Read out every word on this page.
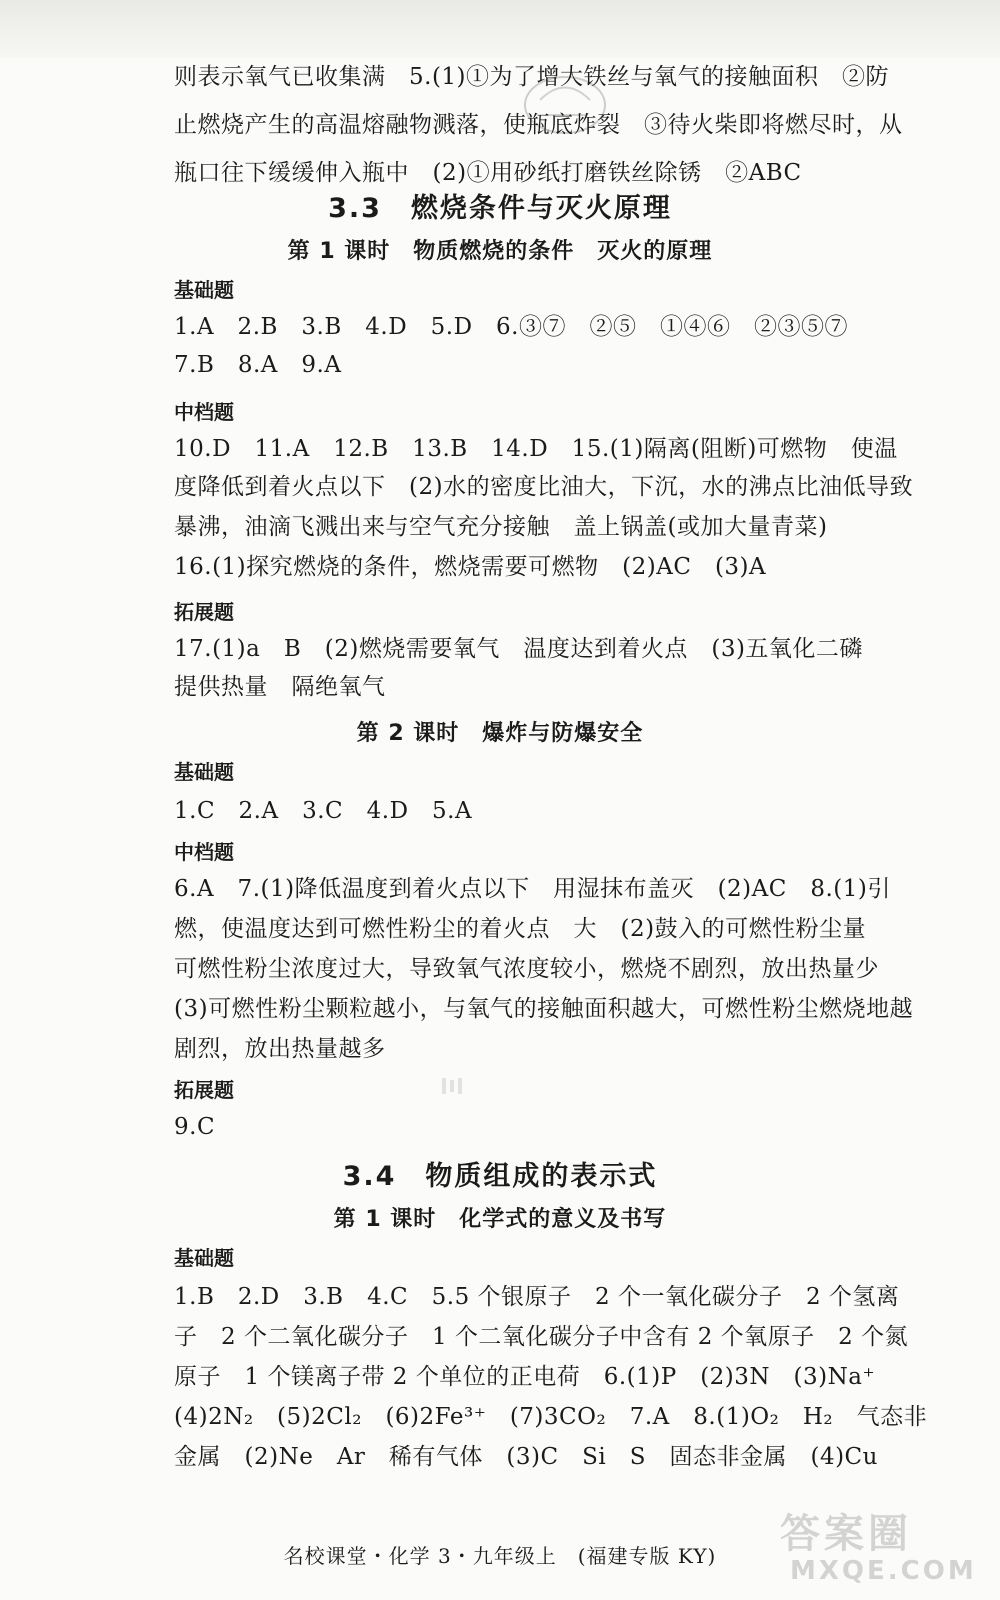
则表示氧气已收集满　5.(1)①为了增大铁丝与氧气的接触面积　②防
止燃烧产生的高温熔融物溅落，使瓶底炸裂　③待火柴即将燃尽时，从
瓶口往下缓缓伸入瓶中　(2)①用砂纸打磨铁丝除锈　②ABC
3.3　燃烧条件与灭火原理
第 1 课时　物质燃烧的条件　灭火的原理
基础题
1.A　2.B　3.B　4.D　5.D　6.③⑦　②⑤　①④⑥　②③⑤⑦
7.B　8.A　9.A
中档题
10.D　11.A　12.B　13.B　14.D　15.(1)隔离(阻断)可燃物　使温
度降低到着火点以下　(2)水的密度比油大，下沉，水的沸点比油低导致
暴沸，油滴飞溅出来与空气充分接触　盖上锅盖(或加大量青菜)
16.(1)探究燃烧的条件，燃烧需要可燃物　(2)AC　(3)A
拓展题
17.(1)a　B　(2)燃烧需要氧气　温度达到着火点　(3)五氧化二磷
提供热量　隔绝氧气
第 2 课时　爆炸与防爆安全
基础题
1.C　2.A　3.C　4.D　5.A
中档题
6.A　7.(1)降低温度到着火点以下　用湿抹布盖灭　(2)AC　8.(1)引
燃，使温度达到可燃性粉尘的着火点　大　(2)鼓入的可燃性粉尘量
可燃性粉尘浓度过大，导致氧气浓度较小，燃烧不剧烈，放出热量少
(3)可燃性粉尘颗粒越小，与氧气的接触面积越大，可燃性粉尘燃烧地越
剧烈，放出热量越多
拓展题
9.C
3.4　物质组成的表示式
第 1 课时　化学式的意义及书写
基础题
1.B　2.D　3.B　4.C　5.5 个银原子　2 个一氧化碳分子　2 个氢离
子　2 个二氧化碳分子　1 个二氧化碳分子中含有 2 个氧原子　2 个氮
原子　1 个镁离子带 2 个单位的正电荷　6.(1)P　(2)3N　(3)Na⁺
(4)2N₂　(5)2Cl₂　(6)2Fe³⁺　(7)3CO₂　7.A　8.(1)O₂　H₂　气态非
金属　(2)Ne　Ar　稀有气体　(3)C　Si　S　固态非金属　(4)Cu
名校课堂・化学 3・九年级上　(福建专版 KY)	答案圈
MXQE.COM
